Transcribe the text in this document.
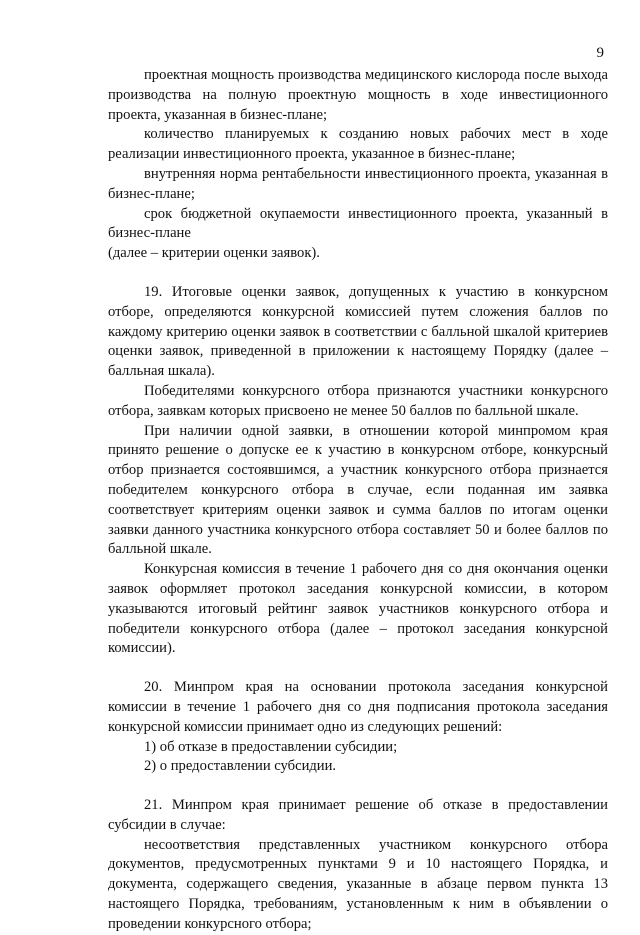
9

проектная мощность производства медицинского кислорода после выхода производства на полную проектную мощность в ходе инвестиционного проекта, указанная в бизнес-плане;

количество планируемых к созданию новых рабочих мест в ходе реализации инвестиционного проекта, указанное в бизнес-плане;

внутренняя норма рентабельности инвестиционного проекта, указанная в бизнес-плане;

срок бюджетной окупаемости инвестиционного проекта, указанный в бизнес-плане

(далее – критерии оценки заявок).

19. Итоговые оценки заявок, допущенных к участию в конкурсном отборе, определяются конкурсной комиссией путем сложения баллов по каждому критерию оценки заявок в соответствии с балльной шкалой критериев оценки заявок, приведенной в приложении к настоящему Порядку (далее – балльная шкала).

Победителями конкурсного отбора признаются участники конкурсного отбора, заявкам которых присвоено не менее 50 баллов по балльной шкале.

При наличии одной заявки, в отношении которой минпромом края принято решение о допуске ее к участию в конкурсном отборе, конкурсный отбор признается состоявшимся, а участник конкурсного отбора признается победителем конкурсного отбора в случае, если поданная им заявка соответствует критериям оценки заявок и сумма баллов по итогам оценки заявки данного участника конкурсного отбора составляет 50 и более баллов по балльной шкале.

Конкурсная комиссия в течение 1 рабочего дня со дня окончания оценки заявок оформляет протокол заседания конкурсной комиссии, в котором указываются итоговый рейтинг заявок участников конкурсного отбора и победители конкурсного отбора (далее – протокол заседания конкурсной комиссии).

20. Минпром края на основании протокола заседания конкурсной комиссии в течение 1 рабочего дня со дня подписания протокола заседания конкурсной комиссии принимает одно из следующих решений:

1) об отказе в предоставлении субсидии;

2) о предоставлении субсидии.

21. Минпром края принимает решение об отказе в предоставлении субсидии в случае:

несоответствия представленных участником конкурсного отбора документов, предусмотренных пунктами 9 и 10 настоящего Порядка, и документа, содержащего сведения, указанные в абзаце первом пункта 13 настоящего Порядка, требованиям, установленным к ним в объявлении о проведении конкурсного отбора;
